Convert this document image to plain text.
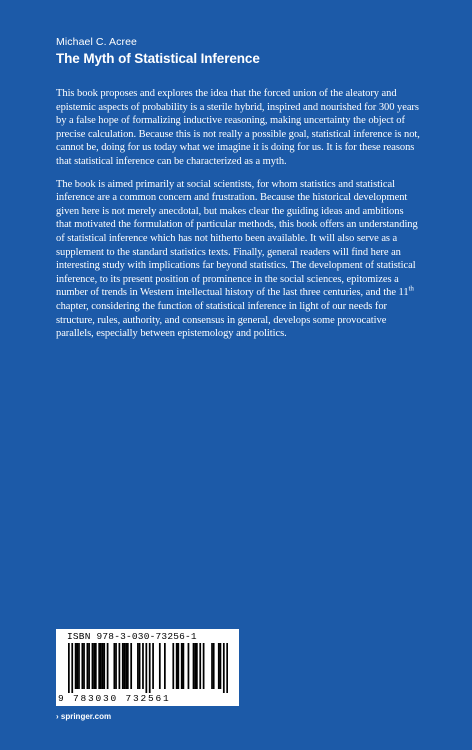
Michael C. Acree
The Myth of Statistical Inference

This book proposes and explores the idea that the forced union of the aleatory and epistemic aspects of probability is a sterile hybrid, inspired and nourished for 300 years by a false hope of formalizing inductive reasoning, making uncertainty the object of precise calculation. Because this is not really a possible goal, statistical inference is not, cannot be, doing for us today what we imagine it is doing for us. It is for these reasons that statistical inference can be characterized as a myth.

The book is aimed primarily at social scientists, for whom statistics and statistical inference are a common concern and frustration. Because the historical development given here is not merely anecdotal, but makes clear the guiding ideas and ambitions that motivated the formulation of particular methods, this book offers an understanding of statistical inference which has not hitherto been available. It will also serve as a supplement to the standard statistics texts. Finally, general readers will find here an interesting study with implications far beyond statistics. The development of statistical inference, to its present position of prominence in the social sciences, epitomizes a number of trends in Western intellectual history of the last three centuries, and the 11th chapter, considering the function of statistical inference in light of our needs for structure, rules, authority, and consensus in general, develops some provocative parallels, especially between epistemology and politics.

ISBN 978-3-030-73256-1
9 783030 732561
› springer.com
